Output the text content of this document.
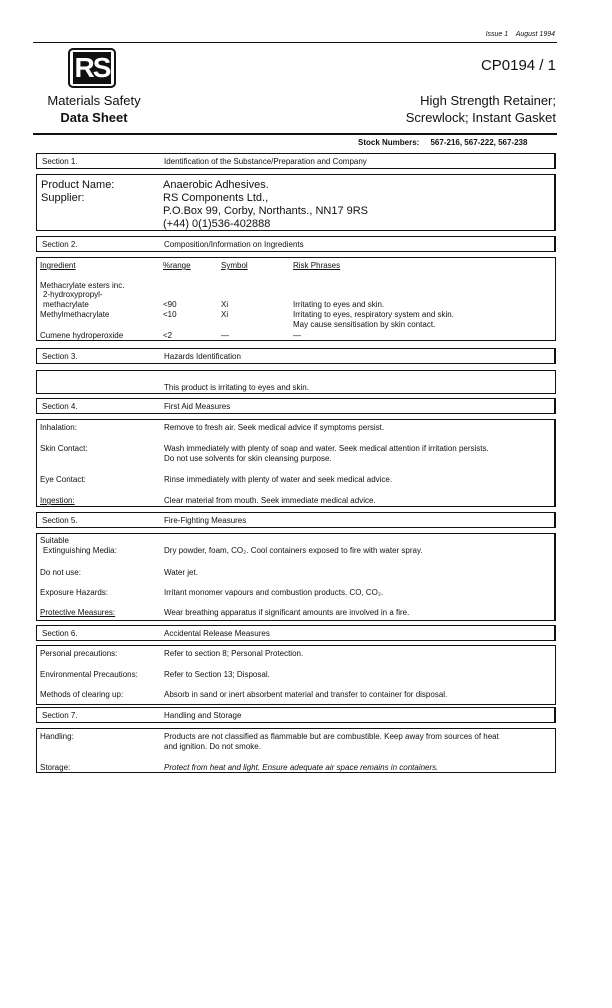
Issue 1 August 1994
RS	CP0194 / 1
Materials Safety
Data Sheet
High Strength Retainer;
Screwlock; Instant Gasket
Stock Numbers: 567-216, 567-222, 567-238
Section 1.	Identification of the Substance/Preparation and Company
Product Name:	Anaerobic Adhesives.
Supplier:	RS Components Ltd.,
P.O.Box 99, Corby, Northants., NN17 9RS
(+44) 0(1)536-402888
Section 2.	Composition/Information on Ingredients
Ingredient	%range	Symbol	Risk Phrases
Methacrylate esters inc.
2-hydroxypropyl-
methacrylate	<90	Xi	Irritating to eyes and skin.
Methylmethacrylate	<10	Xi	Irritating to eyes, respiratory system and skin.
May cause sensitisation by skin contact.
Cumene hydroperoxide	<2	—	—
Section 3.	Hazards Identification
This product is irritating to eyes and skin.
Section 4.	First Aid Measures
Inhalation:	Remove to fresh air. Seek medical advice if symptoms persist.
Skin Contact:	Wash immediately with plenty of soap and water. Seek medical attention if irritation persists.
Do not use solvents for skin cleansing purpose.
Eye Contact:	Rinse immediately with plenty of water and seek medical advice.
Ingestion:	Clear material from mouth. Seek immediate medical advice.
Section 5.	Fire-Fighting Measures
Suitable
Extinguishing Media:	Dry powder, foam, CO₂. Cool containers exposed to fire with water spray.
Do not use:	Water jet.
Exposure Hazards:	Irritant monomer vapours and combustion products. CO, CO₂.
Protective Measures:	Wear breathing apparatus if significant amounts are involved in a fire.
Section 6.	Accidental Release Measures
Personal precautions:	Refer to section 8; Personal Protection.
Environmental Precautions:	Refer to Section 13; Disposal.
Methods of clearing up:	Absorb in sand or inert absorbent material and transfer to container for disposal.
Section 7.	Handling and Storage
Handling:	Products are not classified as flammable but are combustible. Keep away from sources of heat
and ignition. Do not smoke.
Storage:	Protect from heat and light. Ensure adequate air space remains in containers.
